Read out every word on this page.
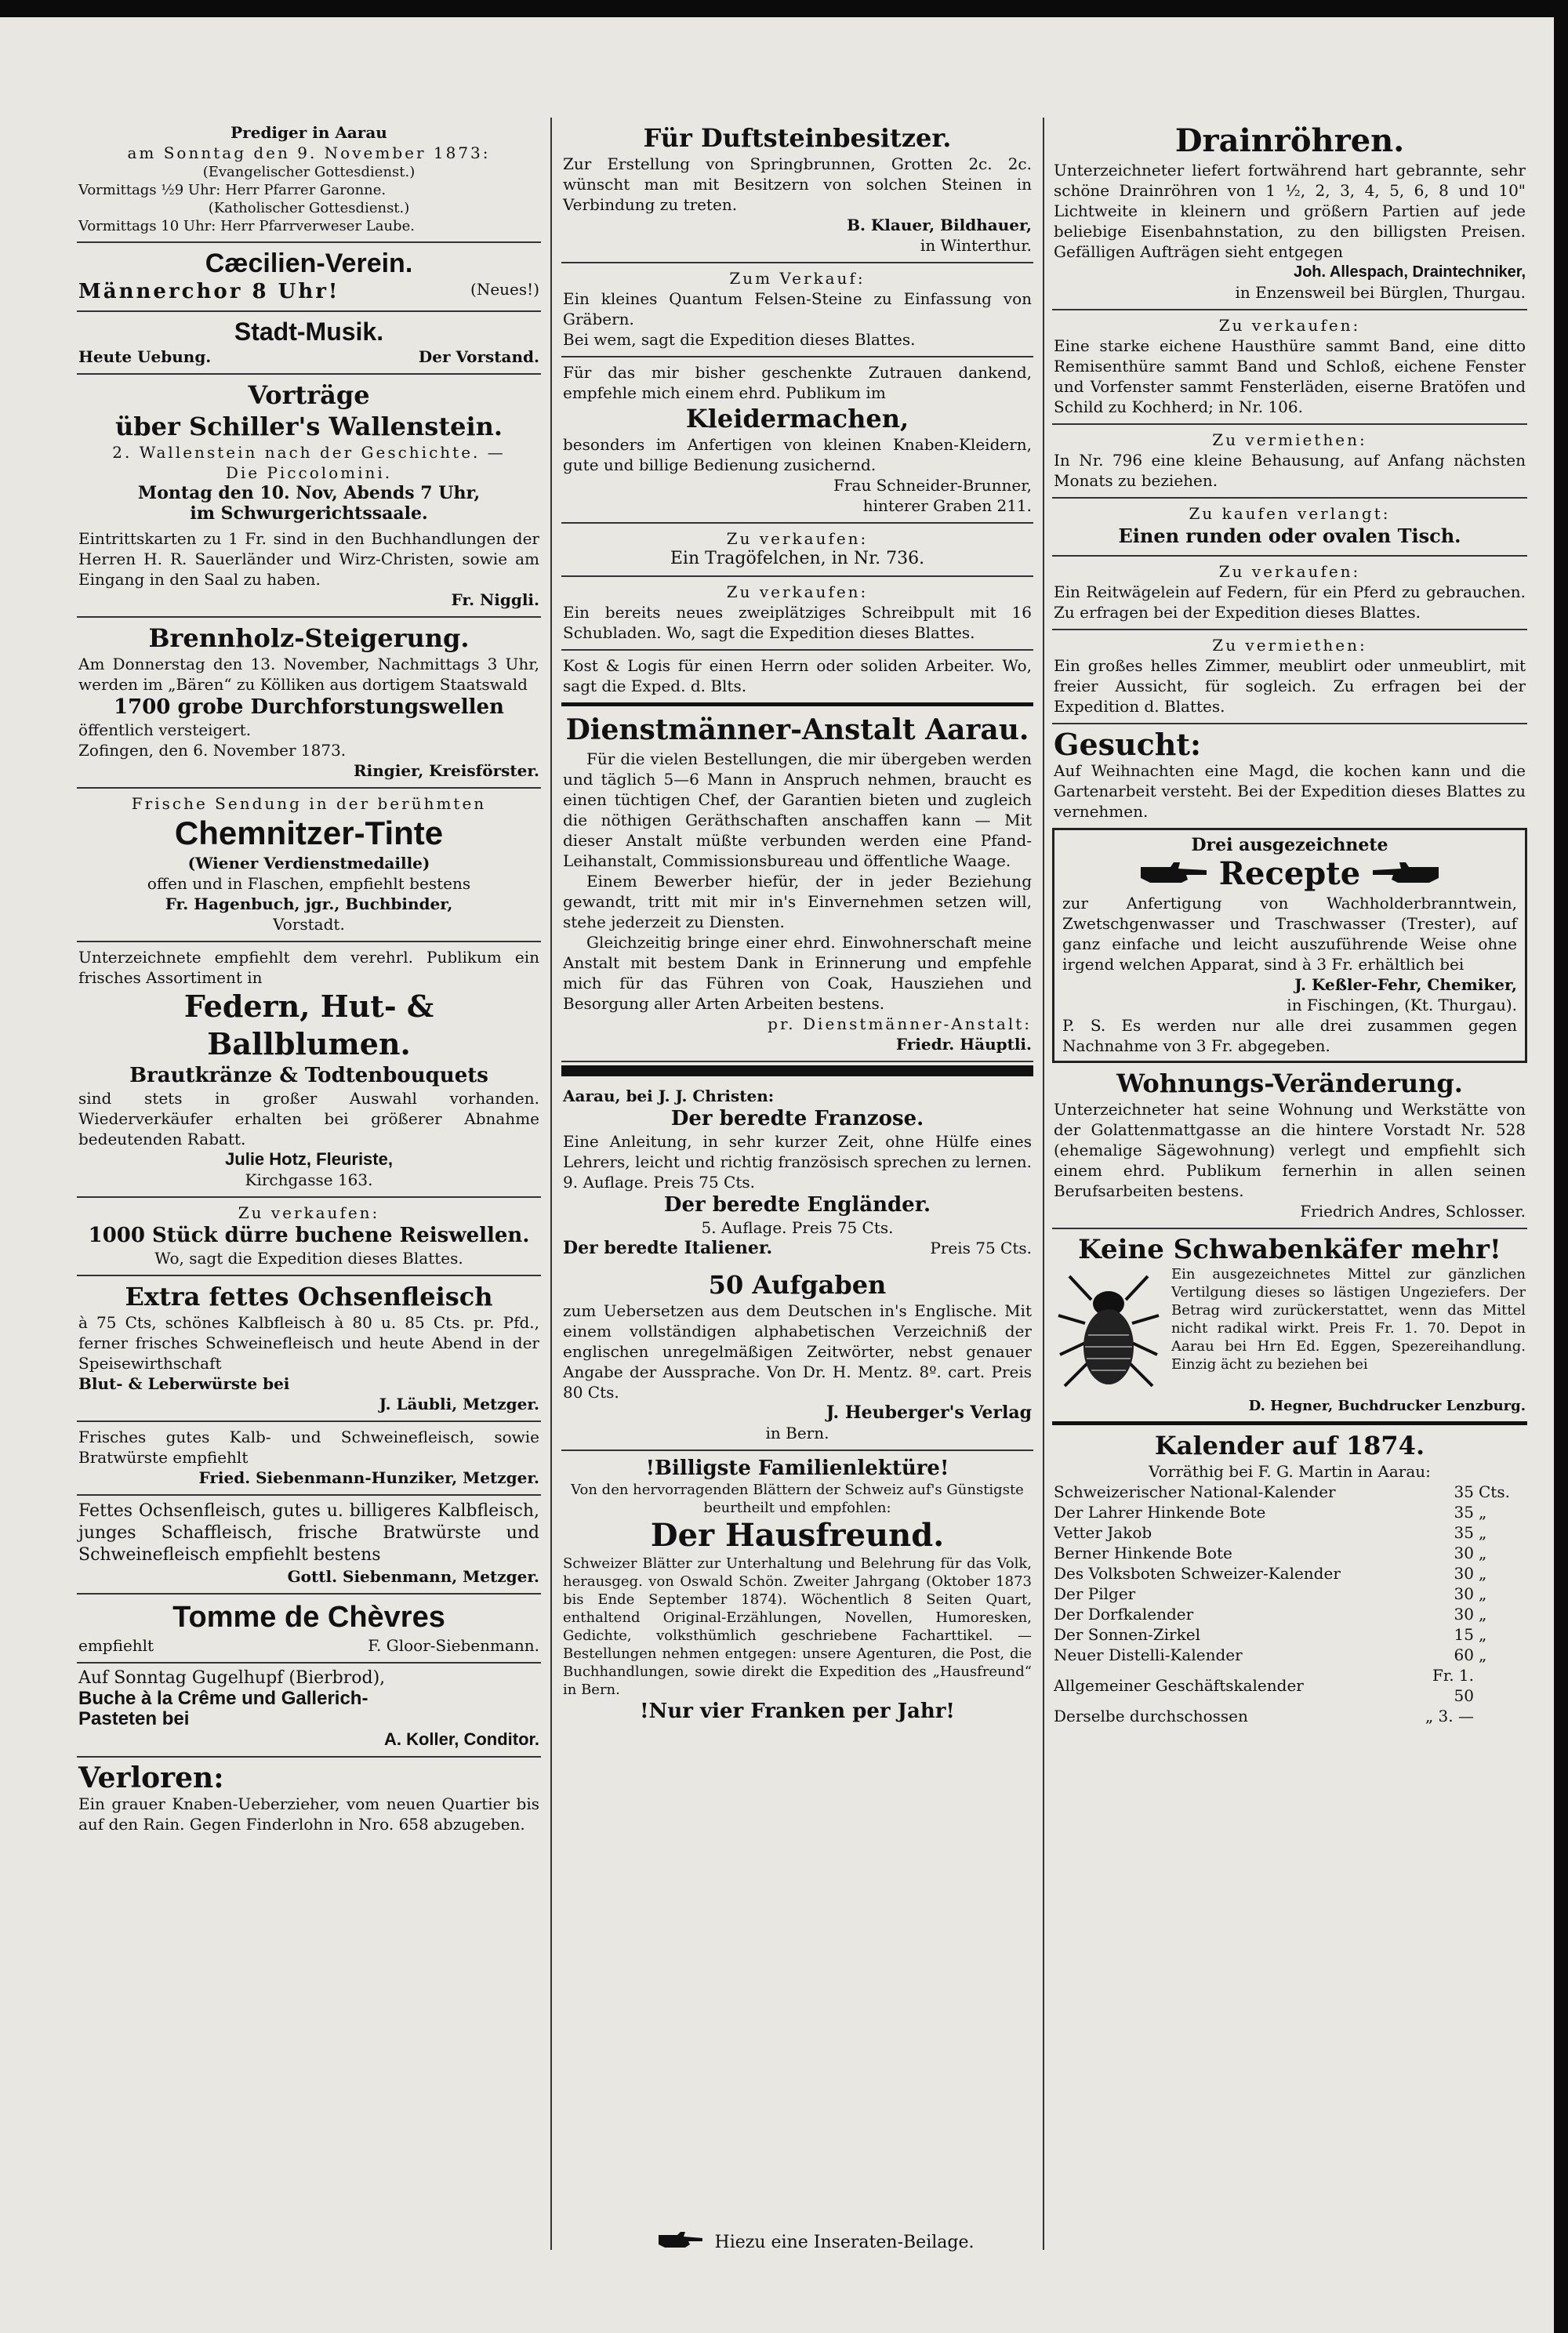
Prediger in Aarau

am Sonntag den 9. November 1873:

(Evangelischer Gottesdienst.)

Vormittags ½9 Uhr: Herr Pfarrer Garonne.

(Katholischer Gottesdienst.)

Vormittags 10 Uhr: Herr Pfarrverweser Laube.

Cæcilien-Verein.

Männerchor 8 Uhr!	(Neues!)

Stadt-Musik.

Heute Uebung.	Der Vorstand.

Vorträge

über Schiller's Wallenstein.

2. Wallenstein nach der Geschichte. —

Die Piccolomini.

Montag den 10. Nov, Abends 7 Uhr,

im Schwurgerichtssaale.

Eintrittskarten zu 1 Fr. sind in den Buchhandlungen der Herren H. R. Sauerländer und Wirz-Christen, sowie am Eingang in den Saal zu haben.

Fr. Niggli.

Brennholz-Steigerung.

Am Donnerstag den 13. November, Nachmittags 3 Uhr, werden im „Bären“ zu Kölliken aus dortigem Staatswald

1700 grobe Durchforstungswellen

öffentlich versteigert.

Zofingen, den 6. November 1873.

Ringier, Kreisförster.

Frische Sendung in der berühmten

Chemnitzer-Tinte

(Wiener Verdienstmedaille)

offen und in Flaschen, empfiehlt bestens

Fr. Hagenbuch, jgr., Buchbinder,

Vorstadt.

Unterzeichnete empfiehlt dem verehrl. Publikum ein frisches Assortiment in

Federn, Hut- & Ballblumen.

Brautkränze & Todtenbouquets

sind stets in großer Auswahl vorhanden. Wiederverkäufer erhalten bei größerer Abnahme bedeutenden Rabatt.

Julie Hotz, Fleuriste,

Kirchgasse 163.

Zu verkaufen:

1000 Stück dürre buchene Reiswellen.

Wo, sagt die Expedition dieses Blattes.

Extra fettes Ochsenfleisch

à 75 Cts, schönes Kalbfleisch à 80 u. 85 Cts. pr. Pfd., ferner frisches Schweinefleisch und heute Abend in der Speisewirthschaft

Blut- & Leberwürste bei

J. Läubli, Metzger.

Frisches gutes Kalb- und Schweinefleisch, sowie Bratwürste empfiehlt

Fried. Siebenmann-Hunziker, Metzger.

Fettes Ochsenfleisch, gutes u. billigeres Kalbfleisch, junges Schaffleisch, frische Bratwürste und Schweinefleisch empfiehlt bestens

Gottl. Siebenmann, Metzger.

Tomme de Chèvres

empfiehlt	F. Gloor-Siebenmann.

Auf Sonntag Gugelhupf (Bierbrod),

Buche à la Crême und Gallerich-

Pasteten bei

A. Koller, Conditor.

Verloren:

Ein grauer Knaben-Ueberzieher, vom neuen Quartier bis auf den Rain. Gegen Finderlohn in Nro. 658 abzugeben.

Für Duftsteinbesitzer.

Zur Erstellung von Springbrunnen, Grotten 2c. 2c. wünscht man mit Besitzern von solchen Steinen in Verbindung zu treten.

B. Klauer, Bildhauer,

in Winterthur.

Zum Verkauf:

Ein kleines Quantum Felsen-Steine zu Einfassung von Gräbern.

Bei wem, sagt die Expedition dieses Blattes.

Für das mir bisher geschenkte Zutrauen dankend, empfehle mich einem ehrd. Publikum im

Kleidermachen,

besonders im Anfertigen von kleinen Knaben-Kleidern, gute und billige Bedienung zusichernd.

Frau Schneider-Brunner,

hinterer Graben 211.

Zu verkaufen:

Ein Tragöfelchen, in Nr. 736.

Zu verkaufen:

Ein bereits neues zweiplätziges Schreibpult mit 16 Schubladen. Wo, sagt die Expedition dieses Blattes.

Kost & Logis für einen Herrn oder soliden Arbeiter. Wo, sagt die Exped. d. Blts.

Dienstmänner-Anstalt Aarau.

Für die vielen Bestellungen, die mir übergeben werden und täglich 5—6 Mann in Anspruch nehmen, braucht es einen tüchtigen Chef, der Garantien bieten und zugleich die nöthigen Geräthschaften anschaffen kann — Mit dieser Anstalt müßte verbunden werden eine Pfand-Leihanstalt, Commissionsbureau und öffentliche Waage.

Einem Bewerber hiefür, der in jeder Beziehung gewandt, tritt mit mir in's Einvernehmen setzen will, stehe jederzeit zu Diensten.

Gleichzeitig bringe einer ehrd. Einwohnerschaft meine Anstalt mit bestem Dank in Erinnerung und empfehle mich für das Führen von Coak, Hausziehen und Besorgung aller Arten Arbeiten bestens.

pr. Dienstmänner-Anstalt:

Friedr. Häuptli.

Aarau, bei J. J. Christen:

Der beredte Franzose.

Eine Anleitung, in sehr kurzer Zeit, ohne Hülfe eines Lehrers, leicht und richtig französisch sprechen zu lernen. 9. Auflage. Preis 75 Cts.

Der beredte Engländer.

5. Auflage. Preis 75 Cts.

Der beredte Italiener.	Preis 75 Cts.

50 Aufgaben

zum Uebersetzen aus dem Deutschen in's Englische. Mit einem vollständigen alphabetischen Verzeichniß der englischen unregelmäßigen Zeitwörter, nebst genauer Angabe der Aussprache. Von Dr. H. Mentz. 8º. cart. Preis 80 Cts.

J. Heuberger's Verlag

in Bern.

!Billigste Familienlektüre!

Von den hervorragenden Blättern der Schweiz auf's Günstigste beurtheilt und empfohlen:

Der Hausfreund.

Schweizer Blätter zur Unterhaltung und Belehrung für das Volk, herausgeg. von Oswald Schön. Zweiter Jahrgang (Oktober 1873 bis Ende September 1874). Wöchentlich 8 Seiten Quart, enthaltend Original-Erzählungen, Novellen, Humoresken, Gedichte, volksthümlich geschriebene Facharttikel. — Bestellungen nehmen entgegen: unsere Agenturen, die Post, die Buchhandlungen, sowie direkt die Expedition des „Hausfreund“ in Bern.

!Nur vier Franken per Jahr!

Drainröhren.

Unterzeichneter liefert fortwährend hart gebrannte, sehr schöne Drainröhren von 1 ½, 2, 3, 4, 5, 6, 8 und 10" Lichtweite in kleinern und größern Partien auf jede beliebige Eisenbahnstation, zu den billigsten Preisen. Gefälligen Aufträgen sieht entgegen

Joh. Allespach, Draintechniker,

in Enzensweil bei Bürglen, Thurgau.

Zu verkaufen:

Eine starke eichene Hausthüre sammt Band, eine ditto Remisenthüre sammt Band und Schloß, eichene Fenster und Vorfenster sammt Fensterläden, eiserne Bratöfen und Schild zu Kochherd; in Nr. 106.

Zu vermiethen:

In Nr. 796 eine kleine Behausung, auf Anfang nächsten Monats zu beziehen.

Zu kaufen verlangt:

Einen runden oder ovalen Tisch.

Zu verkaufen:

Ein Reitwägelein auf Federn, für ein Pferd zu gebrauchen. Zu erfragen bei der Expedition dieses Blattes.

Zu vermiethen:

Ein großes helles Zimmer, meublirt oder unmeublirt, mit freier Aussicht, für sogleich. Zu erfragen bei der Expedition d. Blattes.

Gesucht:

Auf Weihnachten eine Magd, die kochen kann und die Gartenarbeit versteht. Bei der Expedition dieses Blattes zu vernehmen.

Drei ausgezeichnete

Recepte

zur Anfertigung von Wachholderbranntwein, Zwetschgenwasser und Traschwasser (Trester), auf ganz einfache und leicht auszuführende Weise ohne irgend welchen Apparat, sind à 3 Fr. erhältlich bei

J. Keßler-Fehr, Chemiker,

in Fischingen, (Kt. Thurgau).

P. S. Es werden nur alle drei zusammen gegen Nachnahme von 3 Fr. abgegeben.

Wohnungs-Veränderung.

Unterzeichneter hat seine Wohnung und Werkstätte von der Golattenmattgasse an die hintere Vorstadt Nr. 528 (ehemalige Sägewohnung) verlegt und empfiehlt sich einem ehrd. Publikum fernerhin in allen seinen Berufsarbeiten bestens.

Friedrich Andres, Schlosser.

Keine Schwabenkäfer mehr!

Ein ausgezeichnetes Mittel zur gänzlichen Vertilgung dieses so lästigen Ungeziefers. Der Betrag wird zurückerstattet, wenn das Mittel nicht radikal wirkt. Preis Fr. 1. 70. Depot in Aarau bei Hrn Ed. Eggen, Spezereihandlung. Einzig ächt zu beziehen bei

D. Hegner, Buchdrucker Lenzburg.

Kalender auf 1874.

Vorräthig bei F. G. Martin in Aarau:

Schweizerischer National-Kalender	35	Cts.
Der Lahrer Hinkende Bote	35	„
Vetter Jakob	35	„
Berner Hinkende Bote	30	„
Des Volksboten Schweizer-Kalender	30	„
Der Pilger	30	„
Der Dorfkalender	30	„
Der Sonnen-Zirkel	15	„
Neuer Distelli-Kalender	60	„
Allgemeiner Geschäftskalender	Fr. 1. 50	
Derselbe durchschossen	„ 3. —	
Hiezu eine Inseraten-Beilage.
